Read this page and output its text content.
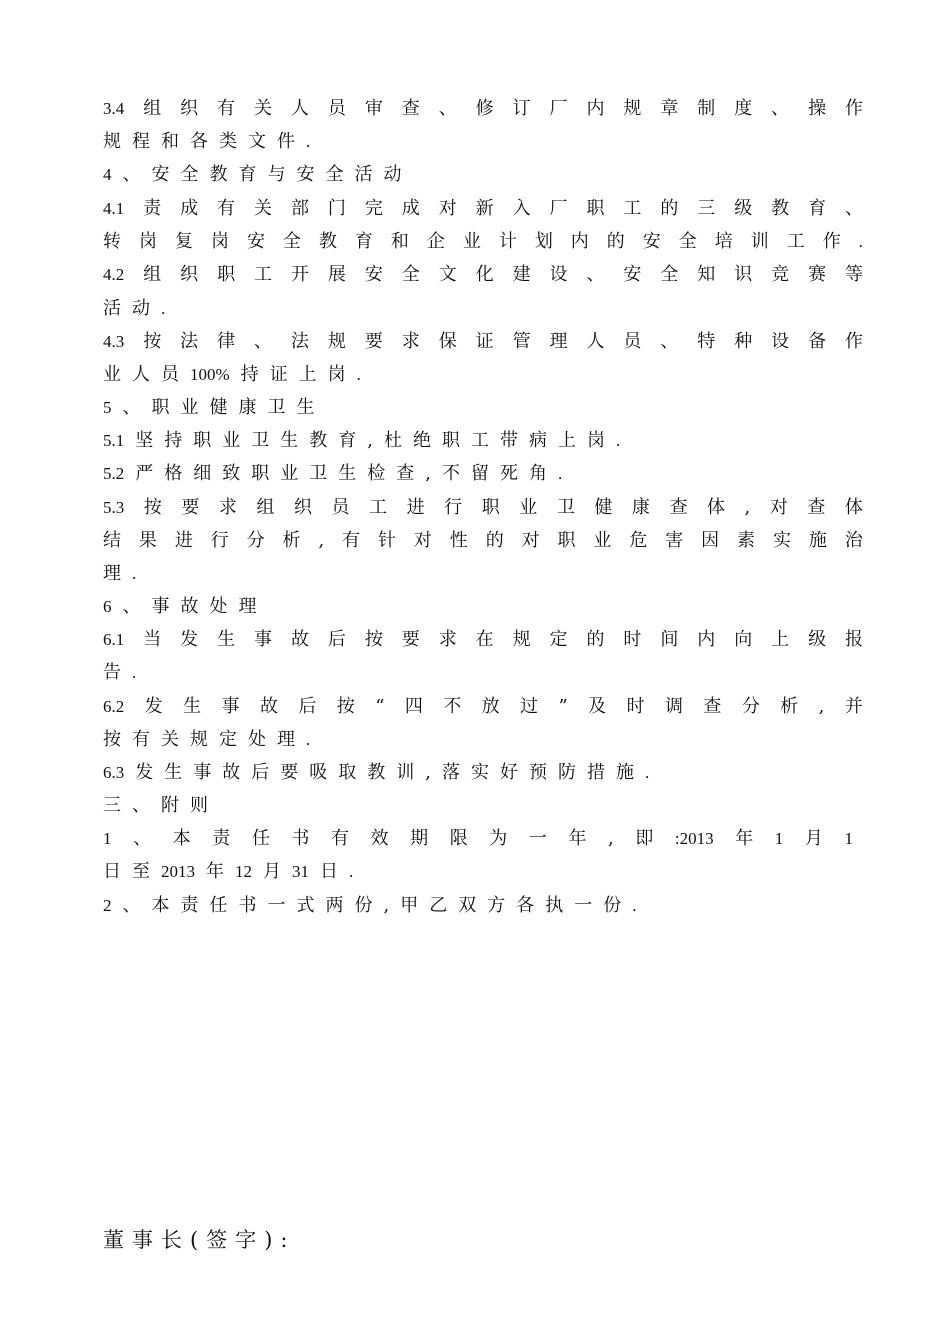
3.4 组 织 有 关 人 员 审 查 、 修 订 厂 内 规 章 制 度 、 操 作
规 程 和 各 类 文 件 .
4 、 安 全 教 育 与 安 全 活 动
4.1 责 成 有 关 部 门 完 成 对 新 入 厂 职 工 的 三 级 教 育 、
转 岗 复 岗 安 全 教 育 和 企 业 计 划 内 的 安 全 培 训 工 作 .
4.2 组 织 职 工 开 展 安 全 文 化 建 设 、 安 全 知 识 竞 赛 等
活 动 .
4.3 按 法 律 、 法 规 要 求 保 证 管 理 人 员 、 特 种 设 备 作
业 人 员 100% 持 证 上 岗 .
5 、 职 业 健 康 卫 生
5.1 坚 持 职 业 卫 生 教 育 , 杜 绝 职 工 带 病 上 岗 .
5.2 严 格 细 致 职 业 卫 生 检 查 , 不 留 死 角 .
5.3 按 要 求 组 织 员 工 进 行 职 业 卫 健 康 查 体 , 对 查 体
结 果 进 行 分 析 , 有 针 对 性 的 对 职 业 危 害 因 素 实 施 治
理 .
6 、 事 故 处 理
6.1 当 发 生 事 故 后 按 要 求 在 规 定 的 时 间 内 向 上 级 报
告 .
6.2 发 生 事 故 后 按 “ 四 不 放 过 ” 及 时 调 查 分 析 , 并
按 有 关 规 定 处 理 .
6.3 发 生 事 故 后 要 吸 取 教 训 , 落 实 好 预 防 措 施 .
三 、 附 则
1 、 本 责 任 书 有 效 期 限 为 一 年 , 即 :2013 年 1 月 1
日 至 2013 年 12 月 31 日 .
2 、 本 责 任 书 一 式 两 份 , 甲 乙 双 方 各 执 一 份 .
董事长(签字):
